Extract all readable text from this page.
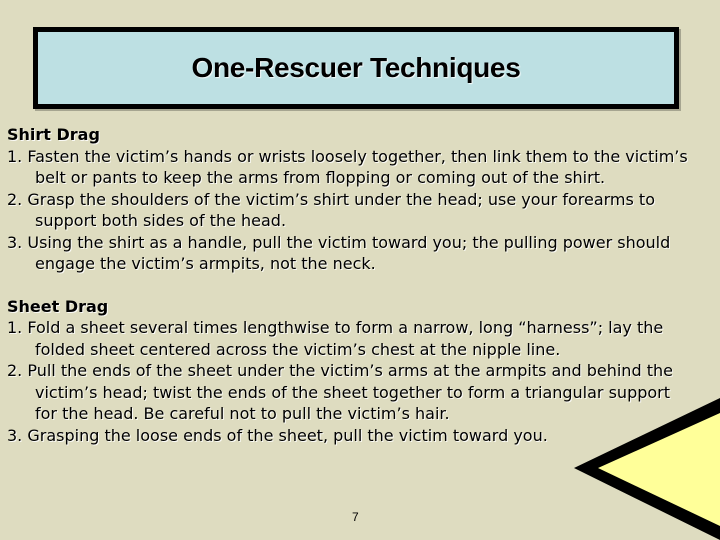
One-Rescuer Techniques

Shirt Drag

1. Fasten the victim’s hands or wrists loosely together, then link them to the victim’s belt or pants to keep the arms from flopping or coming out of the shirt.

2. Grasp the shoulders of the victim’s shirt under the head; use your forearms to support both sides of the head.

3. Using the shirt as a handle, pull the victim toward you; the pulling power should engage the victim’s armpits, not the neck.

Sheet Drag

1. Fold a sheet several times lengthwise to form a narrow, long “harness”; lay the folded sheet centered across the victim’s chest at the nipple line.

2. Pull the ends of the sheet under the victim’s arms at the armpits and behind the victim’s head; twist the ends of the sheet together to form a triangular support for the head. Be careful not to pull the victim’s hair.

3. Grasping the loose ends of the sheet, pull the victim toward you.

7
